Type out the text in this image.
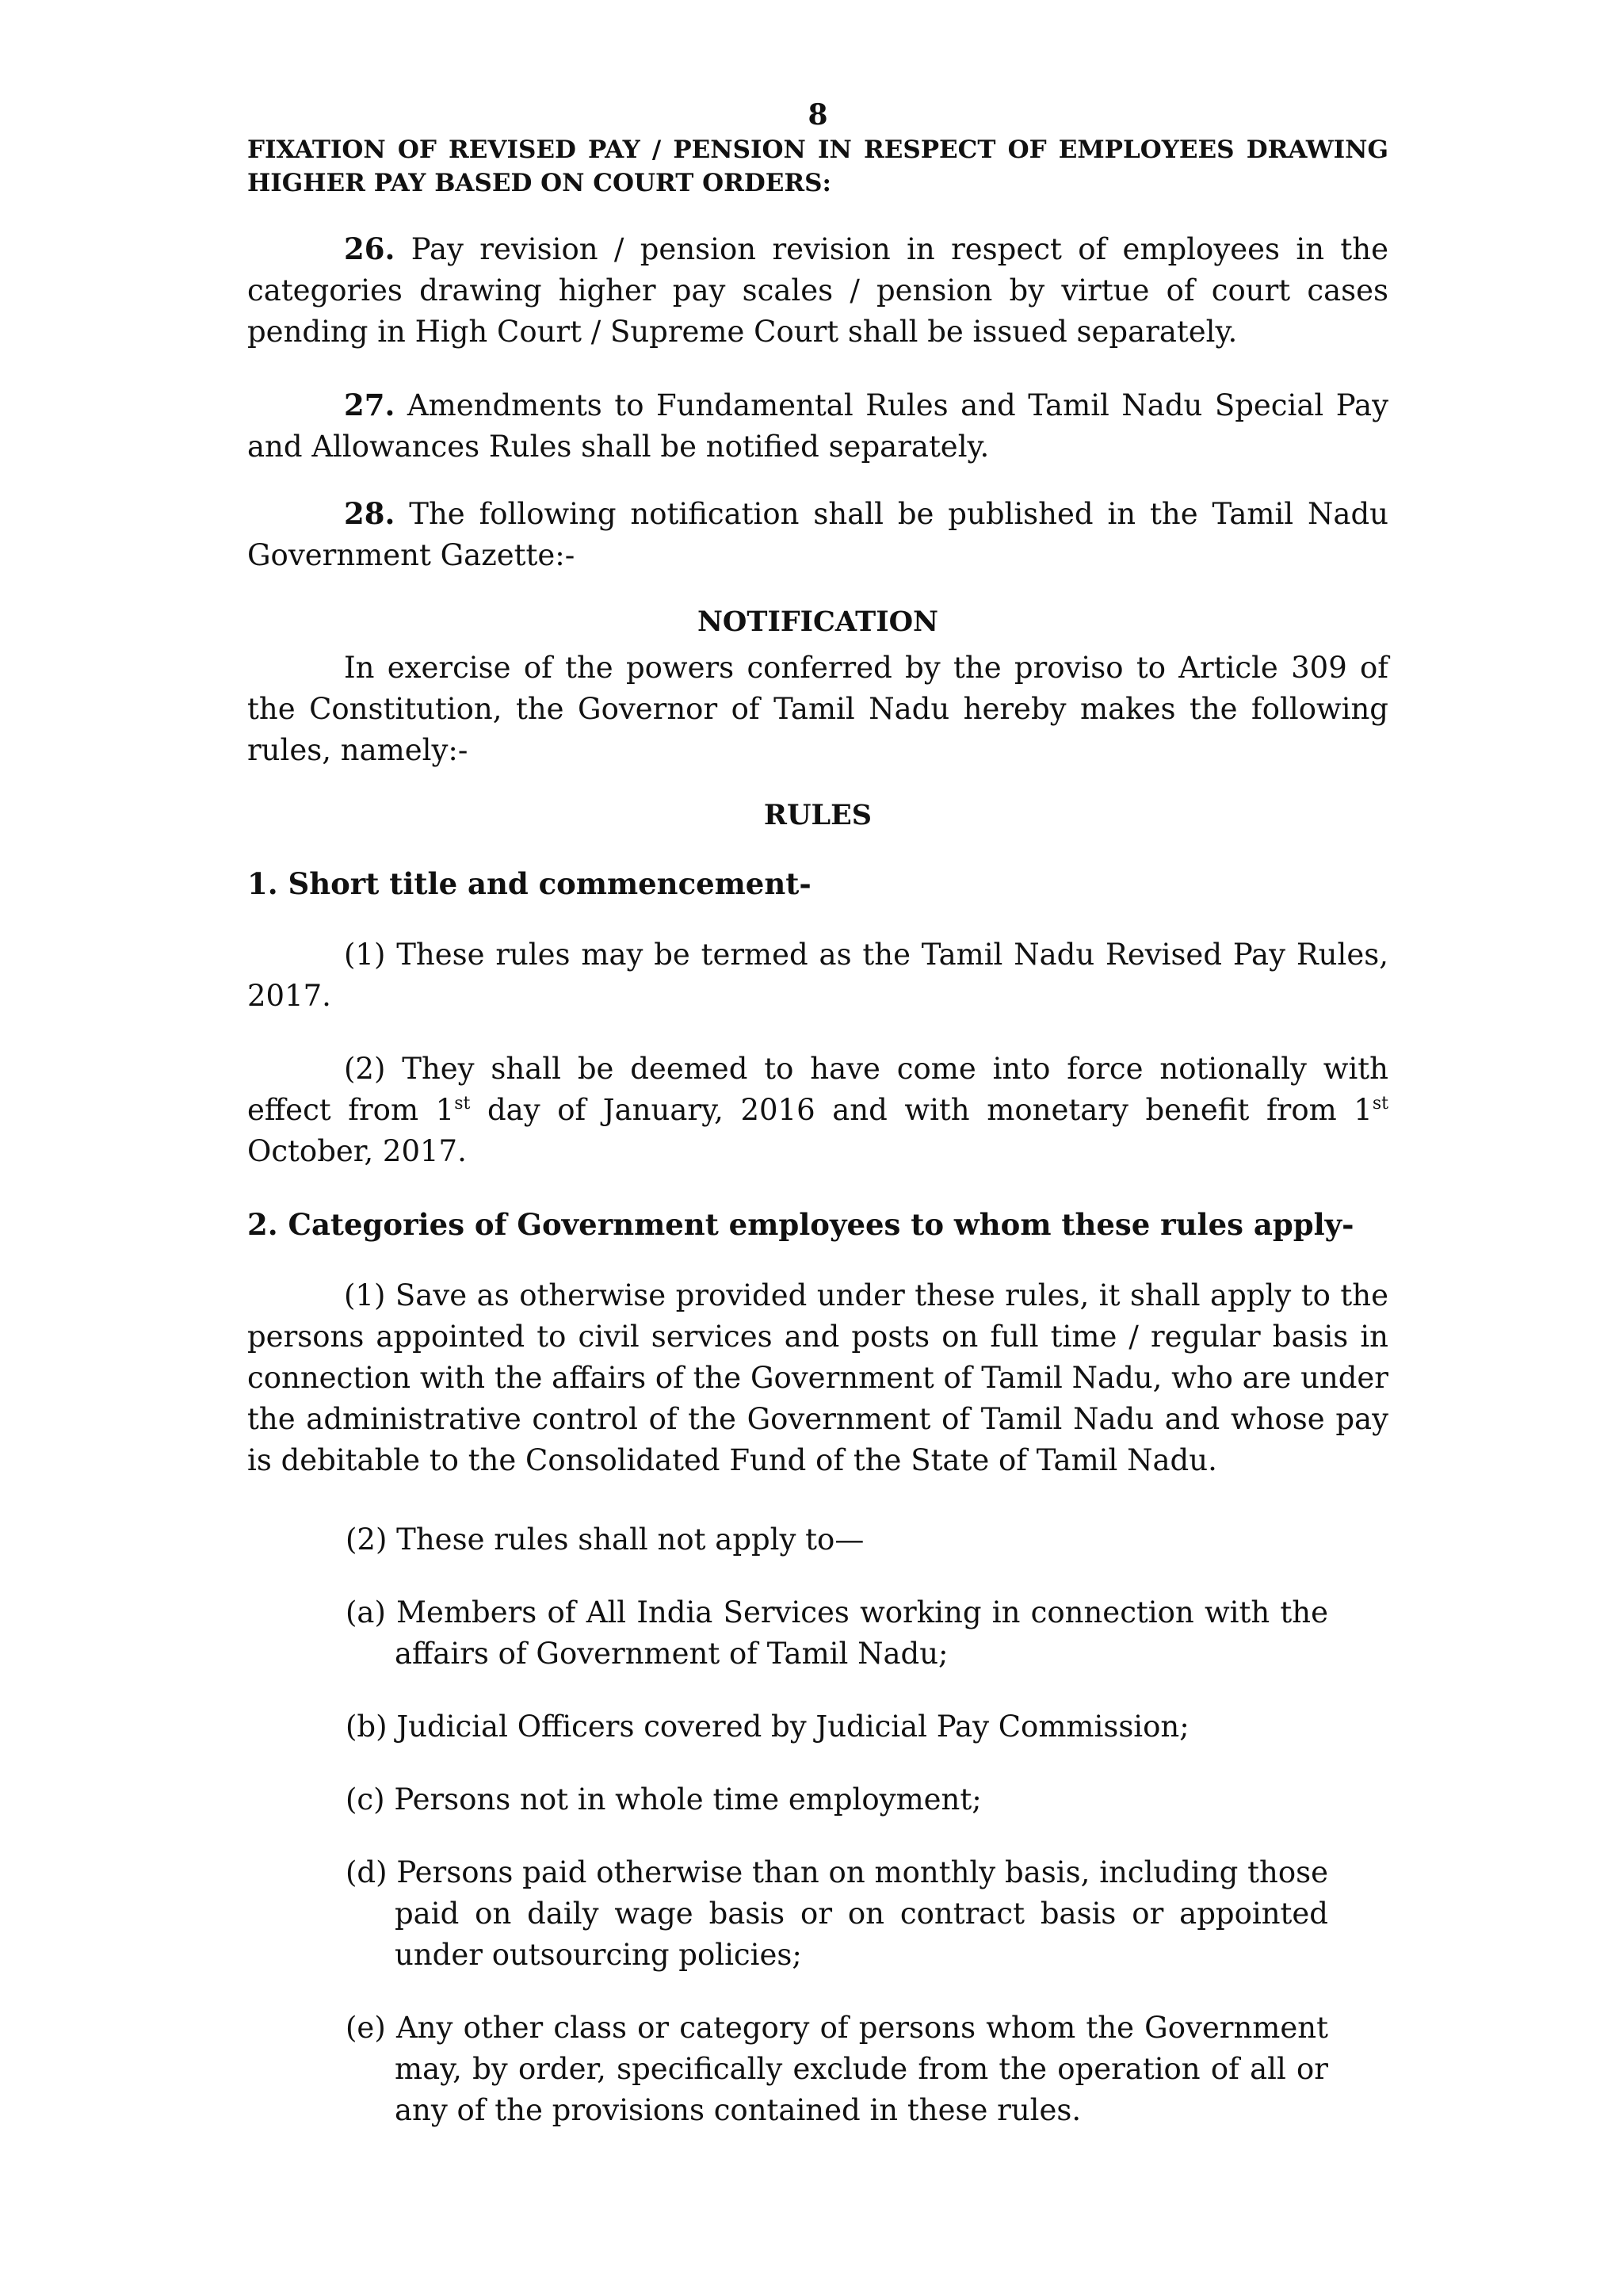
8
FIXATION OF REVISED PAY / PENSION IN RESPECT OF EMPLOYEES DRAWING HIGHER PAY BASED ON COURT ORDERS:

26. Pay revision / pension revision in respect of employees in the categories drawing higher pay scales / pension by virtue of court cases pending in High Court / Supreme Court shall be issued separately.

27. Amendments to Fundamental Rules and Tamil Nadu Special Pay and Allowances Rules shall be notified separately.

28. The following notification shall be published in the Tamil Nadu Government Gazette:-

NOTIFICATION

In exercise of the powers conferred by the proviso to Article 309 of the Constitution, the Governor of Tamil Nadu hereby makes the following rules, namely:-

RULES
1. Short title and commencement-

(1) These rules may be termed as the Tamil Nadu Revised Pay Rules, 2017.

(2) They shall be deemed to have come into force notionally with effect from 1st day of January, 2016 and with monetary benefit from 1st October, 2017.

2. Categories of Government employees to whom these rules apply-

(1) Save as otherwise provided under these rules, it shall apply to the persons appointed to civil services and posts on full time / regular basis in connection with the affairs of the Government of Tamil Nadu, who are under the administrative control of the Government of Tamil Nadu and whose pay is debitable to the Consolidated Fund of the State of Tamil Nadu.

(2) These rules shall not apply to—
(a) Members of All India Services working in connection with the affairs of Government of Tamil Nadu;
(b) Judicial Officers covered by Judicial Pay Commission;
(c) Persons not in whole time employment;
(d) Persons paid otherwise than on monthly basis, including those paid on daily wage basis or on contract basis or appointed under outsourcing policies;
(e) Any other class or category of persons whom the Government may, by order, specifically exclude from the operation of all or any of the provisions contained in these rules.
